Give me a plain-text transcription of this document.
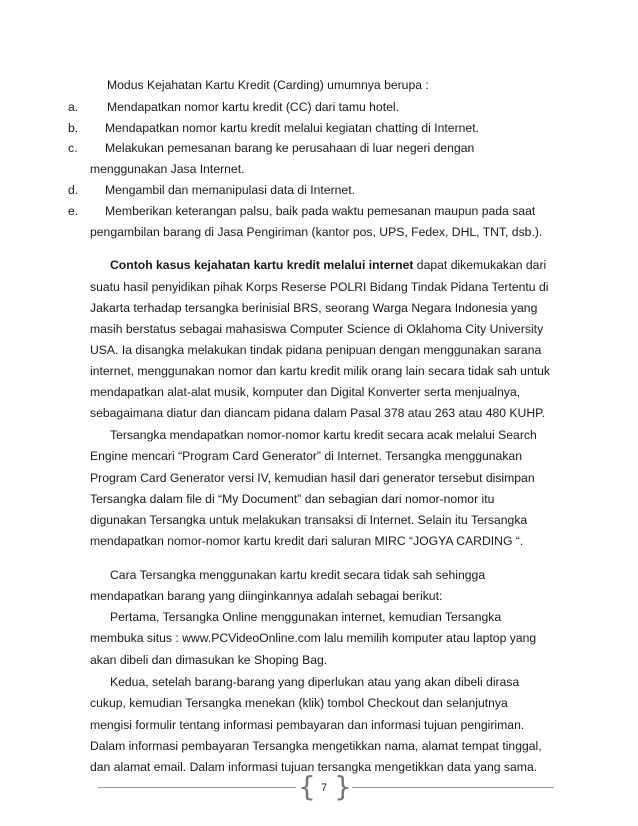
Modus Kejahatan Kartu Kredit (Carding) umumnya berupa :
a. Mendapatkan nomor kartu kredit (CC) dari tamu hotel.
b. Mendapatkan nomor kartu kredit melalui kegiatan chatting di Internet.
c. Melakukan pemesanan barang ke perusahaan di luar negeri dengan
menggunakan Jasa Internet.
d. Mengambil dan memanipulasi data di Internet.
e. Memberikan keterangan palsu, baik pada waktu pemesanan maupun pada saat
pengambilan barang di Jasa Pengiriman (kantor pos, UPS, Fedex, DHL, TNT, dsb.).
Contoh kasus kejahatan kartu kredit melalui internet dapat dikemukakan dari
suatu hasil penyidikan pihak Korps Reserse POLRI Bidang Tindak Pidana Tertentu di
Jakarta terhadap tersangka berinisial BRS, seorang Warga Negara Indonesia yang
masih berstatus sebagai mahasiswa Computer Science di Oklahoma City University
USA. Ia disangka melakukan tindak pidana penipuan dengan menggunakan sarana
internet, menggunakan nomor dan kartu kredit milik orang lain secara tidak sah untuk
mendapatkan alat-alat musik, komputer dan Digital Konverter serta menjualnya,
sebagaimana diatur dan diancam pidana dalam Pasal 378 atau 263 atau 480 KUHP.
Tersangka mendapatkan nomor-nomor kartu kredit secara acak melalui Search
Engine mencari “Program Card Generator” di Internet. Tersangka menggunakan
Program Card Generator versi IV, kemudian hasil dari generator tersebut disimpan
Tersangka dalam file di “My Document” dan sebagian dari nomor-nomor itu
digunakan Tersangka untuk melakukan transaksi di Internet. Selain itu Tersangka
mendapatkan nomor-nomor kartu kredit dari saluran MIRC “JOGYA CARDING “.
Cara Tersangka menggunakan kartu kredit secara tidak sah sehingga
mendapatkan barang yang diinginkannya adalah sebagai berikut:
Pertama, Tersangka Online menggunakan internet, kemudian Tersangka
membuka situs : www.PCVideoOnline.com lalu memilih komputer atau laptop yang
akan dibeli dan dimasukan ke Shoping Bag.
Kedua, setelah barang-barang yang diperlukan atau yang akan dibeli dirasa
cukup, kemudian Tersangka menekan (klik) tombol Checkout dan selanjutnya
mengisi formulir tentang informasi pembayaran dan informasi tujuan pengiriman.
Dalam informasi pembayaran Tersangka mengetikkan nama, alamat tempat tinggal,
dan alamat email. Dalam informasi tujuan tersangka mengetikkan data yang sama.
{ }
7
